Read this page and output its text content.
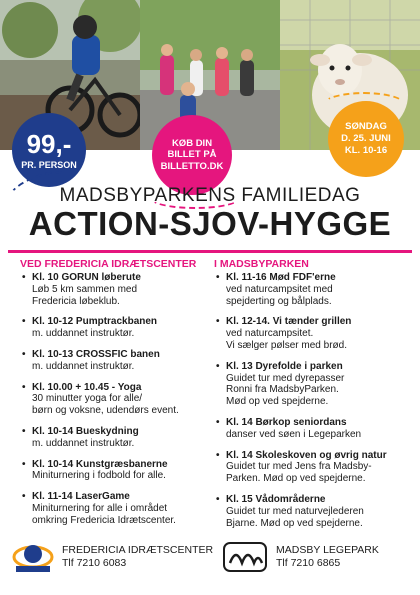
99,-
PR. PERSON
KØB DIN
BILLET PÅ
BILLETTO.DK
SØNDAG
D. 25. JUNI
KL. 10-16
MADSBYPARKENS FAMILIEDAG
ACTION-SJOV-HYGGE
VED FREDERICIA IDRÆTSCENTER
• Kl. 10 GORUN løberute
Løb 5 km sammen med
Fredericia løbeklub.
• Kl. 10-12 Pumptrackbanen
m. uddannet instruktør.
• Kl. 10-13 CROSSFIC banen
m. uddannet instruktør.
• Kl. 10.00 + 10.45 - Yoga
30 minutter yoga for alle/
børn og voksne, udendørs event.
• Kl. 10-14 Bueskydning
m. uddannet instruktør.
• Kl. 10-14 Kunstgræsbanerne
Miniturnering i fodbold for alle.
• Kl. 11-14 LaserGame
Miniturnering for alle i området
omkring Fredericia Idrætscenter.
I MADSBYPARKEN
• Kl. 11-16 Mød FDF'erne
ved naturcampsitet med
spejderting og bålplads.
• Kl. 12-14. Vi tænder grillen
ved naturcampsitet.
Vi sælger pølser med brød.
• Kl. 13 Dyrefolde i parken
Guidet tur med dyrepasser
Ronni fra MadsbyParken.
Mød op ved spejderne.
• Kl. 14 Børkop seniordans
danser ved søen i Legeparken
• Kl. 14 Skoleskoven og øvrig natur
Guidet tur med Jens fra Madsby-
Parken. Mød op ved spejderne.
• Kl. 15 Vådområderne
Guidet tur med naturvejlederen
Bjarne. Mød op ved spejderne.
FREDERICIA IDRÆTSCENTER
Tlf 7210 6083
MADSBY LEGEPARK
Tlf 7210 6865
